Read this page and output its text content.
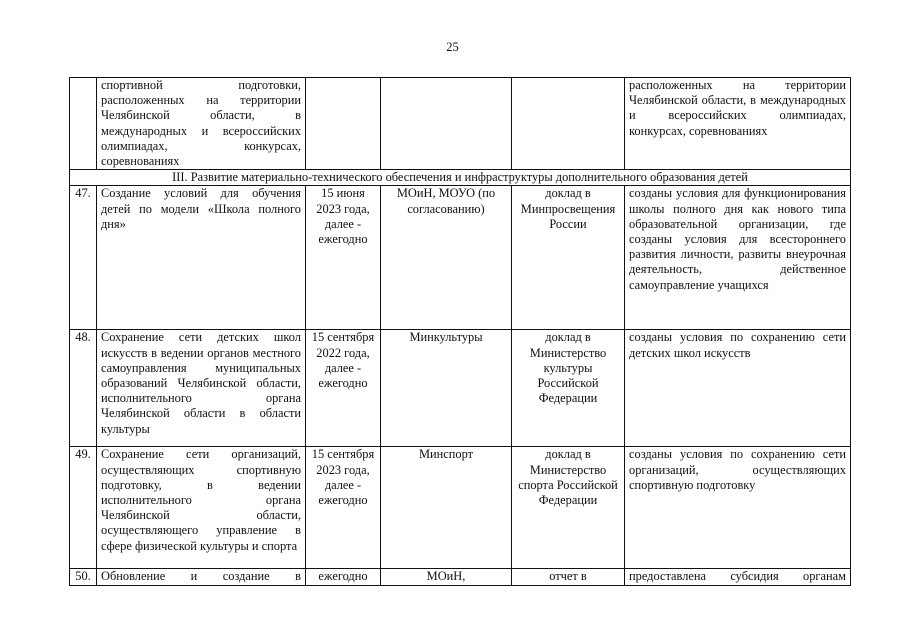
25
	спортивной подготовки, расположенных на территории Челябинской области, в международных и всероссийских олимпиадах, конкурсах, соревнованиях				расположенных на территории Челябинской области, в международных и всероссийских олимпиадах, конкурсах, соревнованиях
III. Развитие материально-технического обеспечения и инфраструктуры дополнительного образования детей					
47.	Создание условий для обучения детей по модели «Школа полного дня»	15 июня 2023 года, далее - ежегодно	МОиН, МОУО (по согласованию)	доклад в Минпросвещения России	созданы условия для функционирования школы полного дня как нового типа образовательной организации, где созданы условия для всестороннего развития личности, развиты внеурочная деятельность, действенное самоуправление учащихся
48.	Сохранение сети детских школ искусств в ведении органов местного самоуправления муниципальных образований Челябинской области, исполнительного органа Челябинской области в области культуры	15 сентября 2022 года, далее - ежегодно	Минкультуры	доклад в Министерство культуры Российской Федерации	созданы условия по сохранению сети детских школ искусств
49.	Сохранение сети организаций, осуществляющих спортивную подготовку, в ведении исполнительного органа Челябинской области, осуществляющего управление в сфере физической культуры и спорта	15 сентября 2023 года, далее - ежегодно	Минспорт	доклад в Министерство спорта Российской Федерации	созданы условия по сохранению сети организаций, осуществляющих спортивную подготовку
50.	Обновление и создание в	ежегодно	МОиН,	отчет в	предоставлена субсидия органам
